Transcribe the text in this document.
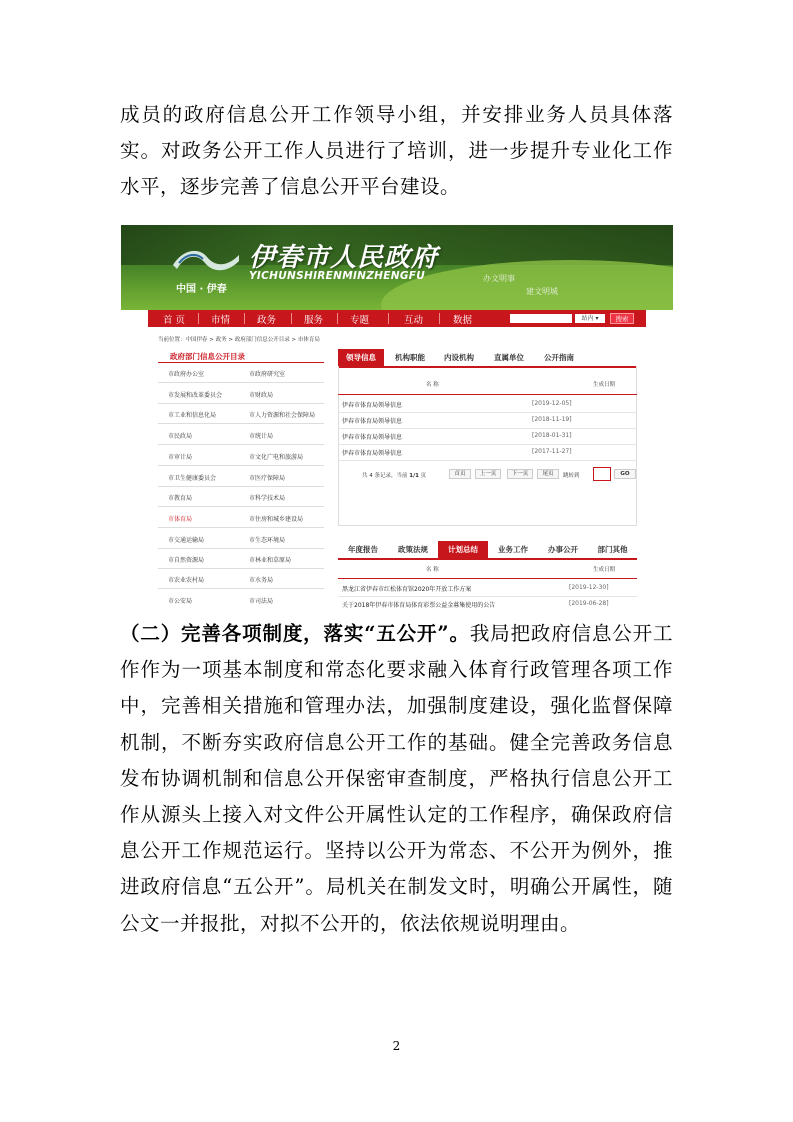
成员的政府信息公开工作领导小组，并安排业务人员具体落实。对政务公开工作人员进行了培训，进一步提升专业化工作水平，逐步完善了信息公开平台建设。

伊春市人民政府
YICHUNSHIRENMINZHENGFU
中国 · 伊春
办文明事
建文明城
首 页	市情	政务	服务	专题	互动	数据	站内 ▾	搜索
当前位置：中国伊春 > 政务 > 政府部门信息公开目录 > 市体育局
政府部门信息公开目录
市政府办公室	市政府研究室
市发展和改革委员会	市财政局
市工业和信息化局	市人力资源和社会保障局
市民政局	市统计局
市审计局	市文化广电和旅游局
市卫生健康委员会	市医疗保障局
市教育局	市科学技术局
市体育局	市住房和城乡建设局
市交通运输局	市生态环境局
市自然资源局	市林业和草原局
市农业农村局	市水务局
市公安局	市司法局
领导信息	机构职能	内设机构	直属单位	公开指南
名 称	生成日期
伊春市体育局领导信息	[2019-12-05]
伊春市体育局领导信息	[2018-11-19]
伊春市体育局领导信息	[2018-01-31]
伊春市体育局领导信息	[2017-11-27]
共 4 条记录，当前 1/1 页	首页	上一页	下一页	尾页	跳转到	GO
年度报告	政策法规	计划总结	业务工作	办事公开	部门其他
名 称	生成日期
黑龙江省伊春市红松体育馆2020年开放工作方案	[2019-12-30]
关于2018年伊春市体育局体育彩票公益金募集使用的公告	[2019-06-28]

（二）完善各项制度，落实“五公开”。我局把政府信息公开工作作为一项基本制度和常态化要求融入体育行政管理各项工作中，完善相关措施和管理办法，加强制度建设，强化监督保障机制，不断夯实政府信息公开工作的基础。健全完善政务信息发布协调机制和信息公开保密审查制度，严格执行信息公开工作从源头上接入对文件公开属性认定的工作程序，确保政府信息公开工作规范运行。坚持以公开为常态、不公开为例外，推进政府信息“五公开”。局机关在制发文时，明确公开属性，随公文一并报批，对拟不公开的，依法依规说明理由。

2
